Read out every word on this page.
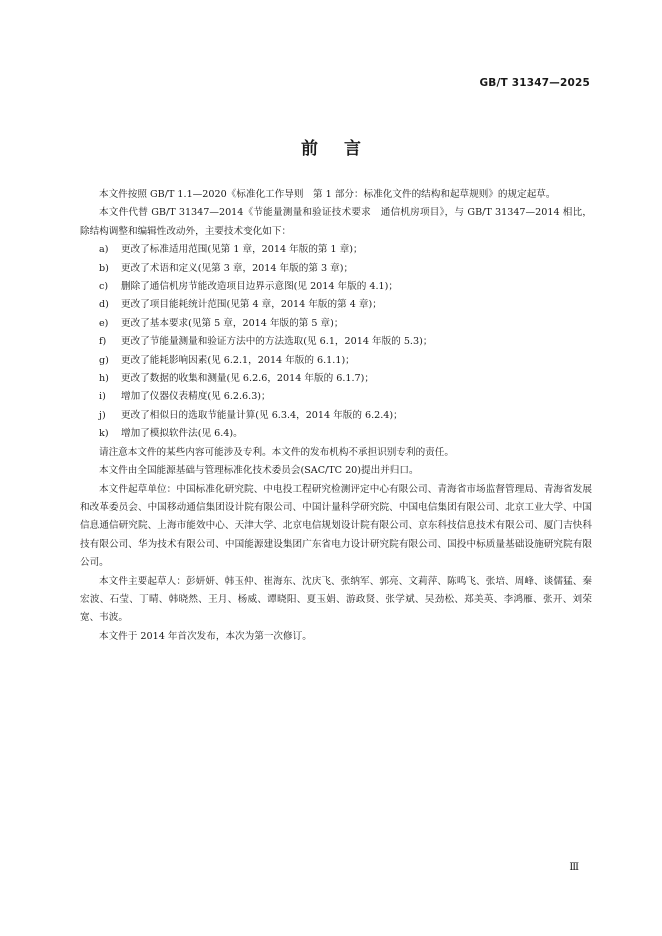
GB/T 31347—2025
前言

本文件按照 GB/T 1.1—2020《标准化工作导则　第 1 部分：标准化文件的结构和起草规则》的规定起草。

本文件代替 GB/T 31347—2014《节能量测量和验证技术要求　通信机房项目》，与 GB/T 31347—2014 相比，除结构调整和编辑性改动外，主要技术变化如下：

a)	更改了标准适用范围(见第 1 章，2014 年版的第 1 章)；
b)	更改了术语和定义(见第 3 章，2014 年版的第 3 章)；
c)	删除了通信机房节能改造项目边界示意图(见 2014 年版的 4.1)；
d)	更改了项目能耗统计范围(见第 4 章，2014 年版的第 4 章)；
e)	更改了基本要求(见第 5 章，2014 年版的第 5 章)；
f)	更改了节能量测量和验证方法中的方法选取(见 6.1，2014 年版的 5.3)；
g)	更改了能耗影响因素(见 6.2.1，2014 年版的 6.1.1)；
h)	更改了数据的收集和测量(见 6.2.6，2014 年版的 6.1.7)；
i)	增加了仪器仪表精度(见 6.2.6.3)；
j)	更改了相似日的选取节能量计算(见 6.3.4，2014 年版的 6.2.4)；
k)	增加了模拟软件法(见 6.4)。

请注意本文件的某些内容可能涉及专利。本文件的发布机构不承担识别专利的责任。

本文件由全国能源基础与管理标准化技术委员会(SAC/TC 20)提出并归口。

本文件起草单位：中国标准化研究院、中电投工程研究检测评定中心有限公司、青海省市场监督管理局、青海省发展和改革委员会、中国移动通信集团设计院有限公司、中国计量科学研究院、中国电信集团有限公司、北京工业大学、中国信息通信研究院、上海市能效中心、天津大学、北京电信规划设计院有限公司、京东科技信息技术有限公司、厦门吉快科技有限公司、华为技术有限公司、中国能源建设集团广东省电力设计研究院有限公司、国投中标质量基础设施研究院有限公司。

本文件主要起草人：彭妍妍、韩玉仲、崔海东、沈庆飞、张纳军、郭亮、文莉萍、陈鸣飞、张培、周峰、谈儒猛、秦宏波、石莹、丁晴、韩晓然、王月、杨威、谭晓阳、夏玉娟、游政贤、张学斌、吴劲松、郑美英、李鸿雁、张开、刘荣宽、韦波。

本文件于 2014 年首次发布，本次为第一次修订。

Ⅲ
